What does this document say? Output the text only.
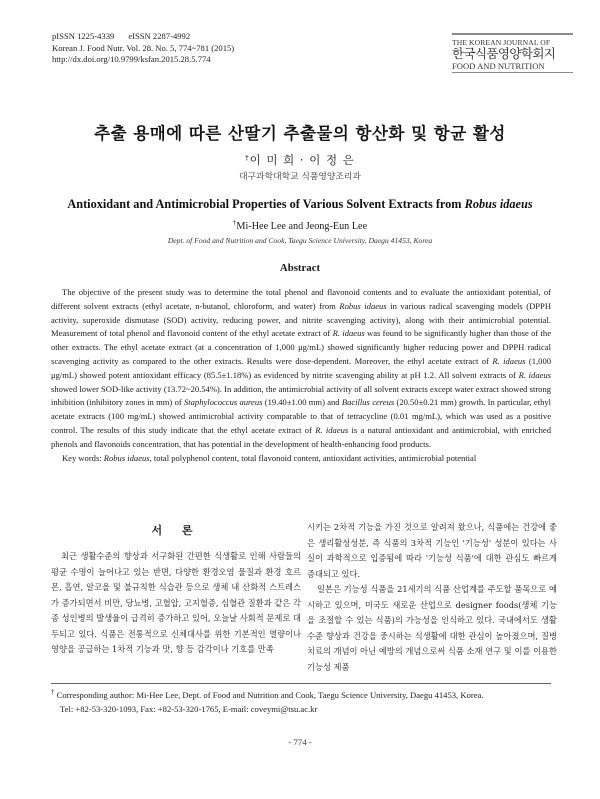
pISSN 1225-4339 eISSN 2287-4992
Korean J. Food Nutr. Vol. 28. No. 5, 774~781 (2015)
http://dx.doi.org/10.9799/ksfan.2015.28.5.774
THE KOREAN JOURNAL OF
한국식품영양학회지
FOOD AND NUTRITION
추출 용매에 따른 산딸기 추출물의 항산화 및 항균 활성
†이 미 희 · 이 정 은
대구과학대학교 식품영양조리과
Antioxidant and Antimicrobial Properties of Various Solvent Extracts from Robus idaeus
†Mi-Hee Lee and Jeong-Eun Lee
Dept. of Food and Nutrition and Cook, Taegu Science University, Daegu 41453, Korea
Abstract

The objective of the present study was to determine the total phenol and flavonoid contents and to evaluate the antioxidant potential, of different solvent extracts (ethyl acetate, n-butanol, chloroform, and water) from Robus idaeus in various radical scavenging models (DPPH activity, superoxide dismutase (SOD) activity, reducing power, and nitrite scavenging activity), along with their antimicrobial potential. Measurement of total phenol and flavonoid content of the ethyl acetate extract of R. idaeus was found to be significantly higher than those of the other extracts. The ethyl acetate extract (at a concentration of 1,000 μg/mL) showed significantly higher reducing power and DPPH radical scavenging activity as compared to the other extracts. Results were dose-dependent. Moreover, the ethyl acetate extract of R. idaeus (1,000 μg/mL) showed potent antioxidant efficacy (85.5±1.18%) as evidenced by nitrite scavenging ability at pH 1.2. All solvent extracts of R. idaeus showed lower SOD-like activity (13.72~20.54%). In addition, the antimicrobial activity of all solvent extracts except water extract showed strong inhibition (inhibitory zones in mm) of Staphylococcus aureus (19.40±1.00 mm) and Bacillus cereus (20.50±0.21 mm) growth. In particular, ethyl acetate extracts (100 mg/mL) showed antimicrobial activity comparable to that of tetracycline (0.01 mg/mL), which was used as a positive control. The results of this study indicate that the ethyl acetate extract of R. idaeus is a natural antioxidant and antimicrobial, with enriched phenols and flavonoids concentration, that has potential in the development of health-enhancing food products.

Key words: Robus idaeus, total polyphenol content, total flavonoid content, antioxidant activities, antimicrobial potential

서 론

최근 생활수준의 향상과 서구화된 간편한 식생활로 인해 사람들의 평균 수명이 늘어나고 있는 반면, 다양한 환경오염 물질과 환경 호르몬, 흡연, 알코올 및 불규칙한 식습관 등으로 생체 내 산화적 스트레스가 증가되면서 비만, 당뇨병, 고혈압, 고지혈증, 심혈관 질환과 같은 각종 성인병의 발생율이 급격히 증가하고 있어, 오늘날 사회적 문제로 대두되고 있다. 식품은 전통적으로 신체대사를 위한 기본적인 열량이나 영양을 공급하는 1차적 기능과 맛, 향 등 감각이나 기호를 만족

시키는 2차적 기능을 가진 것으로 알려져 왔으나, 식품에는 건강에 좋은 생리활성성분, 즉 식품의 3차적 기능인 '기능성' 성분이 있다는 사실이 과학적으로 입증됨에 따라 '기능성 식품'에 대한 관심도 빠르게 증대되고 있다.

일본은 기능성 식품을 21세기의 식품 산업계를 주도할 품목으로 예시하고 있으며, 미국도 새로운 산업으로 designer foods(생체 기능을 조절할 수 있는 식품)의 가능성을 인식하고 있다. 국내에서도 생활수준 향상과 건강을 중시하는 식생활에 대한 관심이 높아졌으며, 질병 치료의 개념이 아닌 예방의 개념으로써 식품 소재 연구 및 이를 이용한 기능성 제품

† Corresponding author: Mi-Hee Lee, Dept. of Food and Nutrition and Cook, Taegu Science University, Daegu 41453, Korea.
Tel: +82-53-320-1093, Fax: +82-53-320-1765, E-mail: coveymi@tsu.ac.kr
- 774 -
